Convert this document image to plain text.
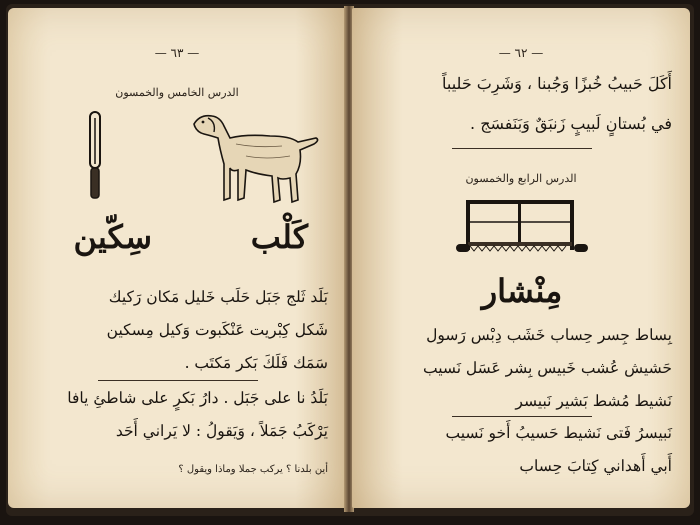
— ٦٣ —
الدرس الخامس والخمسون
سِكّين	كَلْب
بَلَد ثَلج جَبَل حَلَب خَليل مَكان رَكيك
شَكل كِبْريت عَنْكَبوت وَكيل مِسكين
سَمَك فَلَكَ بَكر مَكتَب .
بَلَدُ نا على جَبَل . دارُ بَكرٍ على شاطئِ يافا
يَرْكَبُ جَمَلاً ، وَيَقولُ : لا يَراني أَحَد
أين بلدنا ؟ يركب جملا وماذا ويقول ؟
— ٦٢ —
أَكَلَ حَبيبُ خُبزًا وَجُبنا ، وَشَرِبَ حَليباً
في بُستانٍ لَبيبٍ زَنبَقٌ وَبَنَفسَج .
الدرس الرابع والخمسون
مِنْشار
بِساط جِسر حِساب خَشَب دِبْس رَسول
حَشيش عُشب خَبيس بِشر عَسَل نَسيب
نَشيط مُشط بَشير نَبيسر
نَبيسرُ فَتى نَشيط حَسيبُ أَخو نَسيب
أَبي أَهداني كِتابَ حِساب
